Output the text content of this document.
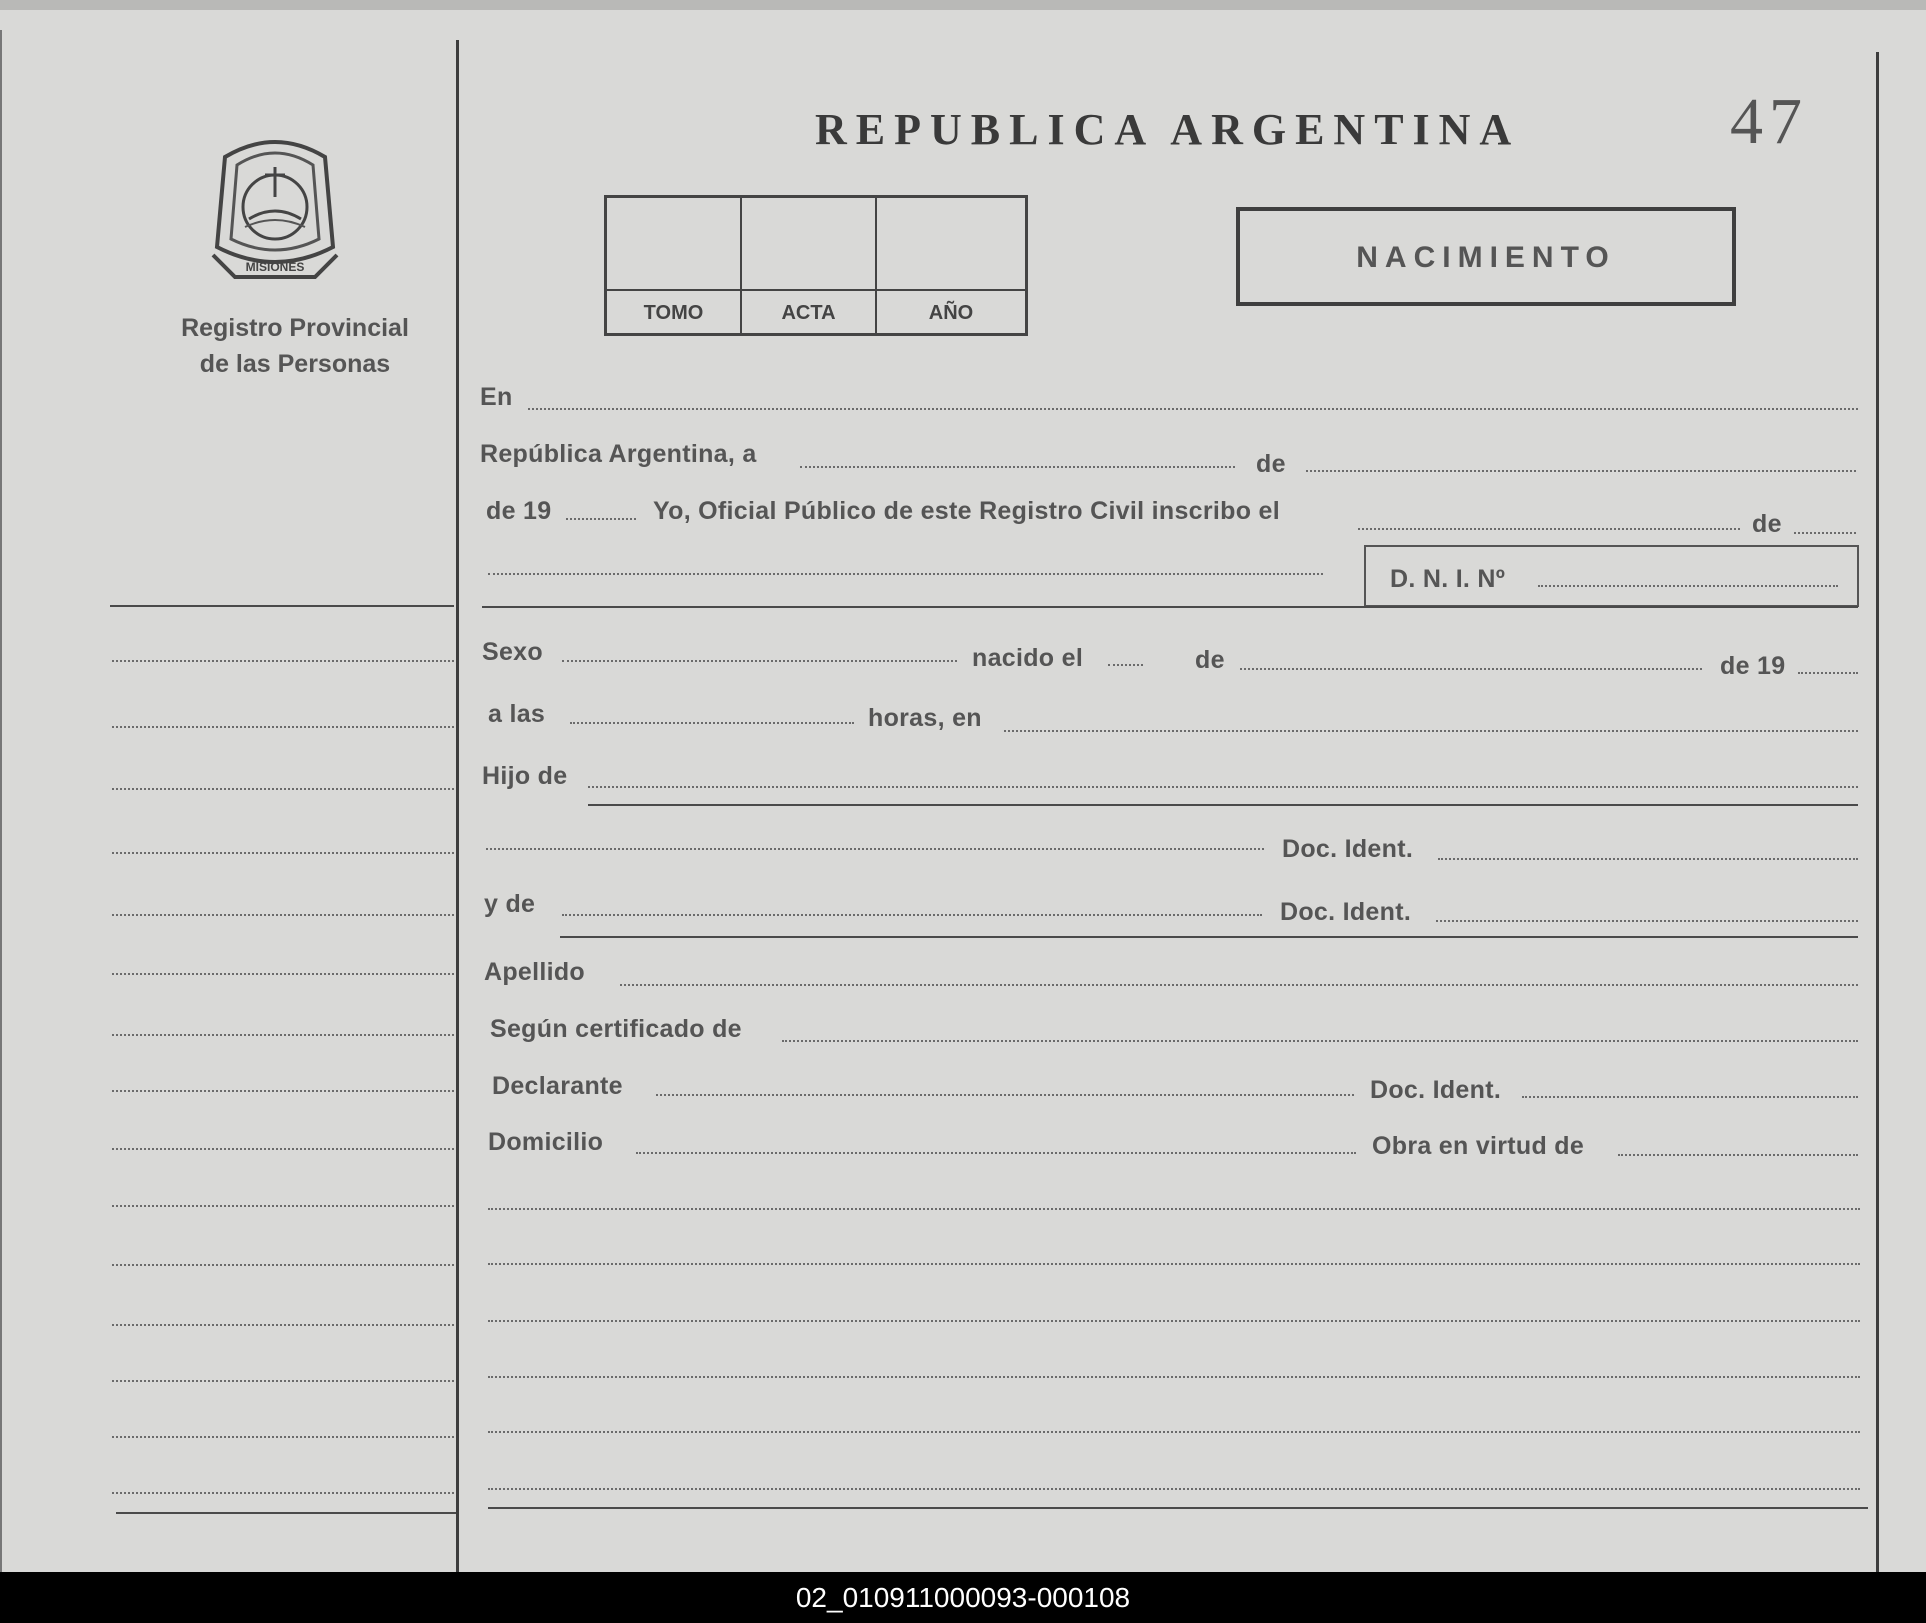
MISIONES
Registro Provincial
de las Personas
REPUBLICA ARGENTINA	47
TOMO	ACTA	AÑO
NACIMIENTO
En
República Argentina, a	de
de 19	Yo, Oficial Público de este Registro Civil inscribo el	de
D. N. I. Nº
Sexo	nacido el	de	de 19
a las	horas, en
Hijo de
Doc. Ident.
y de	Doc. Ident.
Apellido
Según certificado de
Declarante	Doc. Ident.
Domicilio	Obra en virtud de
02_010911000093-000108
